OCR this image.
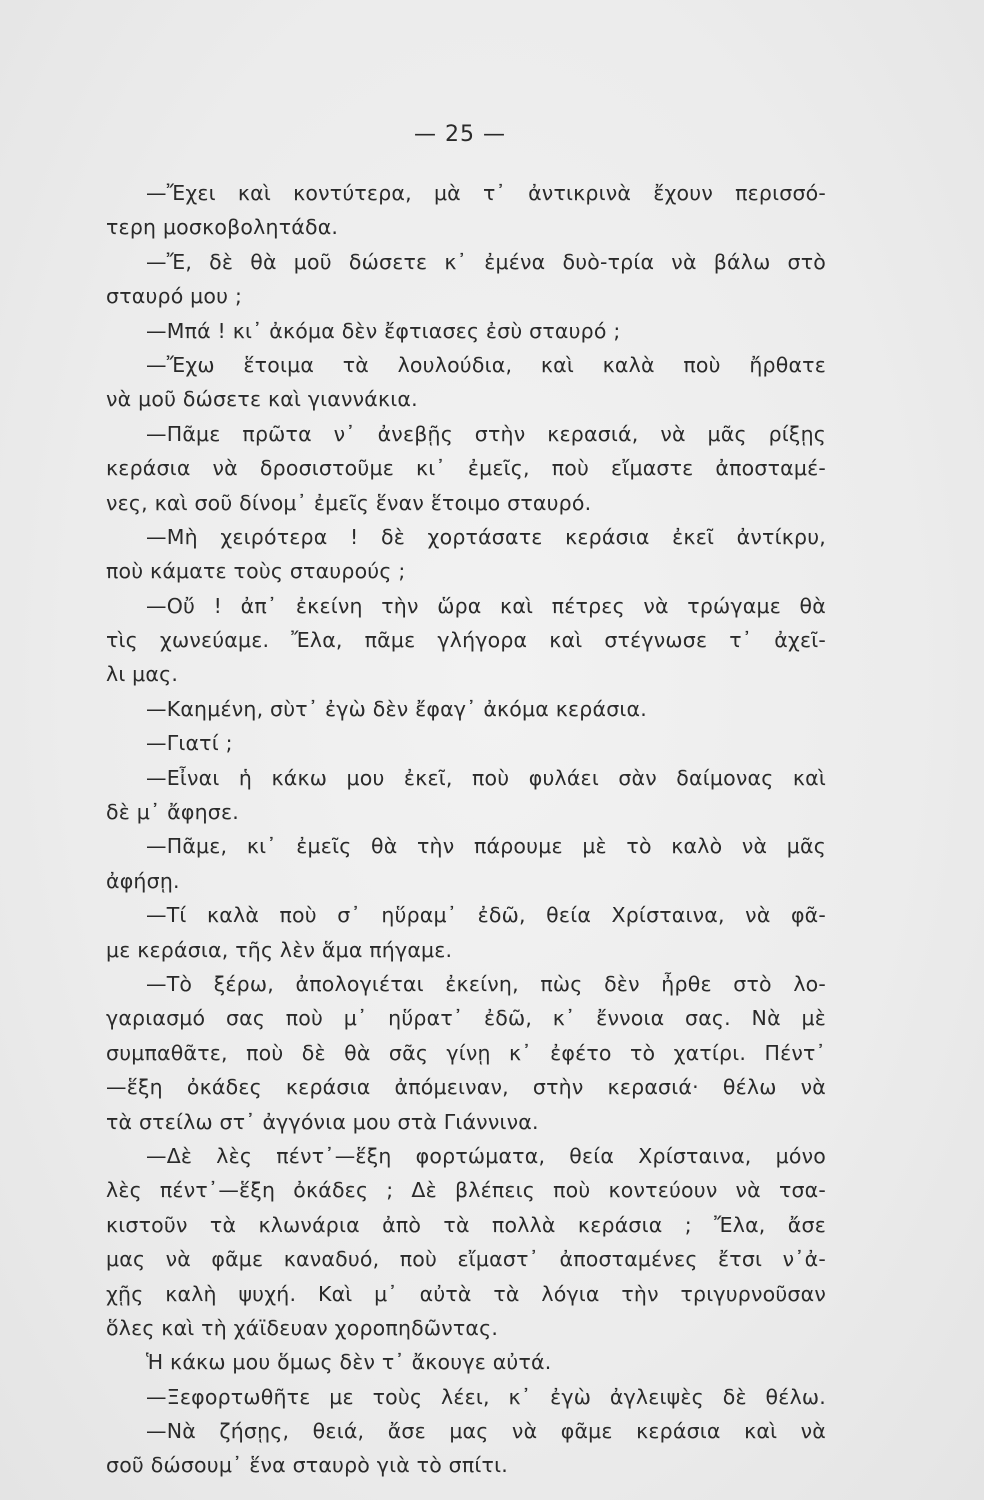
— 25 —
—Ἔχει καὶ κοντύτερα, μὰ τ᾿ ἀντικρινὰ ἔχουν περισσό-
τερη μοσκοβολητάδα.
—Ἔ, δὲ θὰ μοῦ δώσετε κ᾿ ἐμένα δυὸ-τρία νὰ βάλω στὸ
σταυρό μου ;
—Μπά ! κι᾿ ἀκόμα δὲν ἔφτιασες ἐσὺ σταυρό ;
—Ἔχω ἕτοιμα τὰ λουλούδια, καὶ καλὰ ποὺ ἤρθατε
νὰ μοῦ δώσετε καὶ γιαννάκια.
—Πᾶμε πρῶτα ν᾿ ἀνεβῇς στὴν κερασιά, νὰ μᾶς ρίξῃς
κεράσια νὰ δροσιστοῦμε κι᾿ ἐμεῖς, ποὺ εἴμαστε ἀποσταμέ-
νες, καὶ σοῦ δίνομ᾿ ἐμεῖς ἕναν ἕτοιμο σταυρό.
—Μὴ χειρότερα ! δὲ χορτάσατε κεράσια ἐκεῖ ἀντίκρυ,
ποὺ κάματε τοὺς σταυρούς ;
—Οὔ ! ἀπ᾿ ἐκείνη τὴν ὥρα καὶ πέτρες νὰ τρώγαμε θὰ
τὶς χωνεύαμε. Ἔλα, πᾶμε γλήγορα καὶ στέγνωσε τ᾿ ἀχεῖ-
λι μας.
—Καημένη, σὺτ᾿ ἐγὼ δὲν ἔφαγ᾿ ἀκόμα κεράσια.
—Γιατί ;
—Εἶναι ἡ κάκω μου ἐκεῖ, ποὺ φυλάει σὰν δαίμονας καὶ
δὲ μ᾿ ἄφησε.
—Πᾶμε, κι᾿ ἐμεῖς θὰ τὴν πάρουμε μὲ τὸ καλὸ νὰ μᾶς
ἀφήσῃ.
—Τί καλὰ ποὺ σ᾿ ηὕραμ᾿ ἐδῶ, θεία Χρίσταινα, νὰ φᾶ-
με κεράσια, τῆς λὲν ἅμα πήγαμε.
—Τὸ ξέρω, ἀπολογιέται ἐκείνη, πὼς δὲν ἦρθε στὸ λο-
γαριασμό σας ποὺ μ᾿ ηὕρατ᾿ ἐδῶ, κ᾿ ἔννοια σας. Νὰ μὲ
συμπαθᾶτε, ποὺ δὲ θὰ σᾶς γίνῃ κ᾿ ἐφέτο τὸ χατίρι. Πέντ᾿
—ἕξη ὀκάδες κεράσια ἀπόμειναν, στὴν κερασιά· θέλω νὰ
τὰ στείλω στ᾿ ἀγγόνια μου στὰ Γιάννινα.
—Δὲ λὲς πέντ᾿—ἕξη φορτώματα, θεία Χρίσταινα, μόνο
λὲς πέντ᾿—ἕξη ὀκάδες ; Δὲ βλέπεις ποὺ κοντεύουν νὰ τσα-
κιστοῦν τὰ κλωνάρια ἀπὸ τὰ πολλὰ κεράσια ; Ἔλα, ἄσε
μας νὰ φᾶμε καναδυό, ποὺ εἴμαστ᾿ ἀποσταμένες ἔτσι ν᾿ἀ-
χῇς καλὴ ψυχή. Καὶ μ᾿ αὐτὰ τὰ λόγια τὴν τριγυρνοῦσαν
ὅλες καὶ τὴ χάϊδευαν χοροπηδῶντας.
Ἡ κάκω μου ὅμως δὲν τ᾿ ἄκουγε αὐτά.
—Ξεφορτωθῆτε με τοὺς λέει, κ᾿ ἐγὼ ἀγλειψὲς δὲ θέλω.
—Νὰ ζήσῃς, θειά, ἄσε μας νὰ φᾶμε κεράσια καὶ νὰ
σοῦ δώσουμ᾿ ἕνα σταυρὸ γιὰ τὸ σπίτι.
